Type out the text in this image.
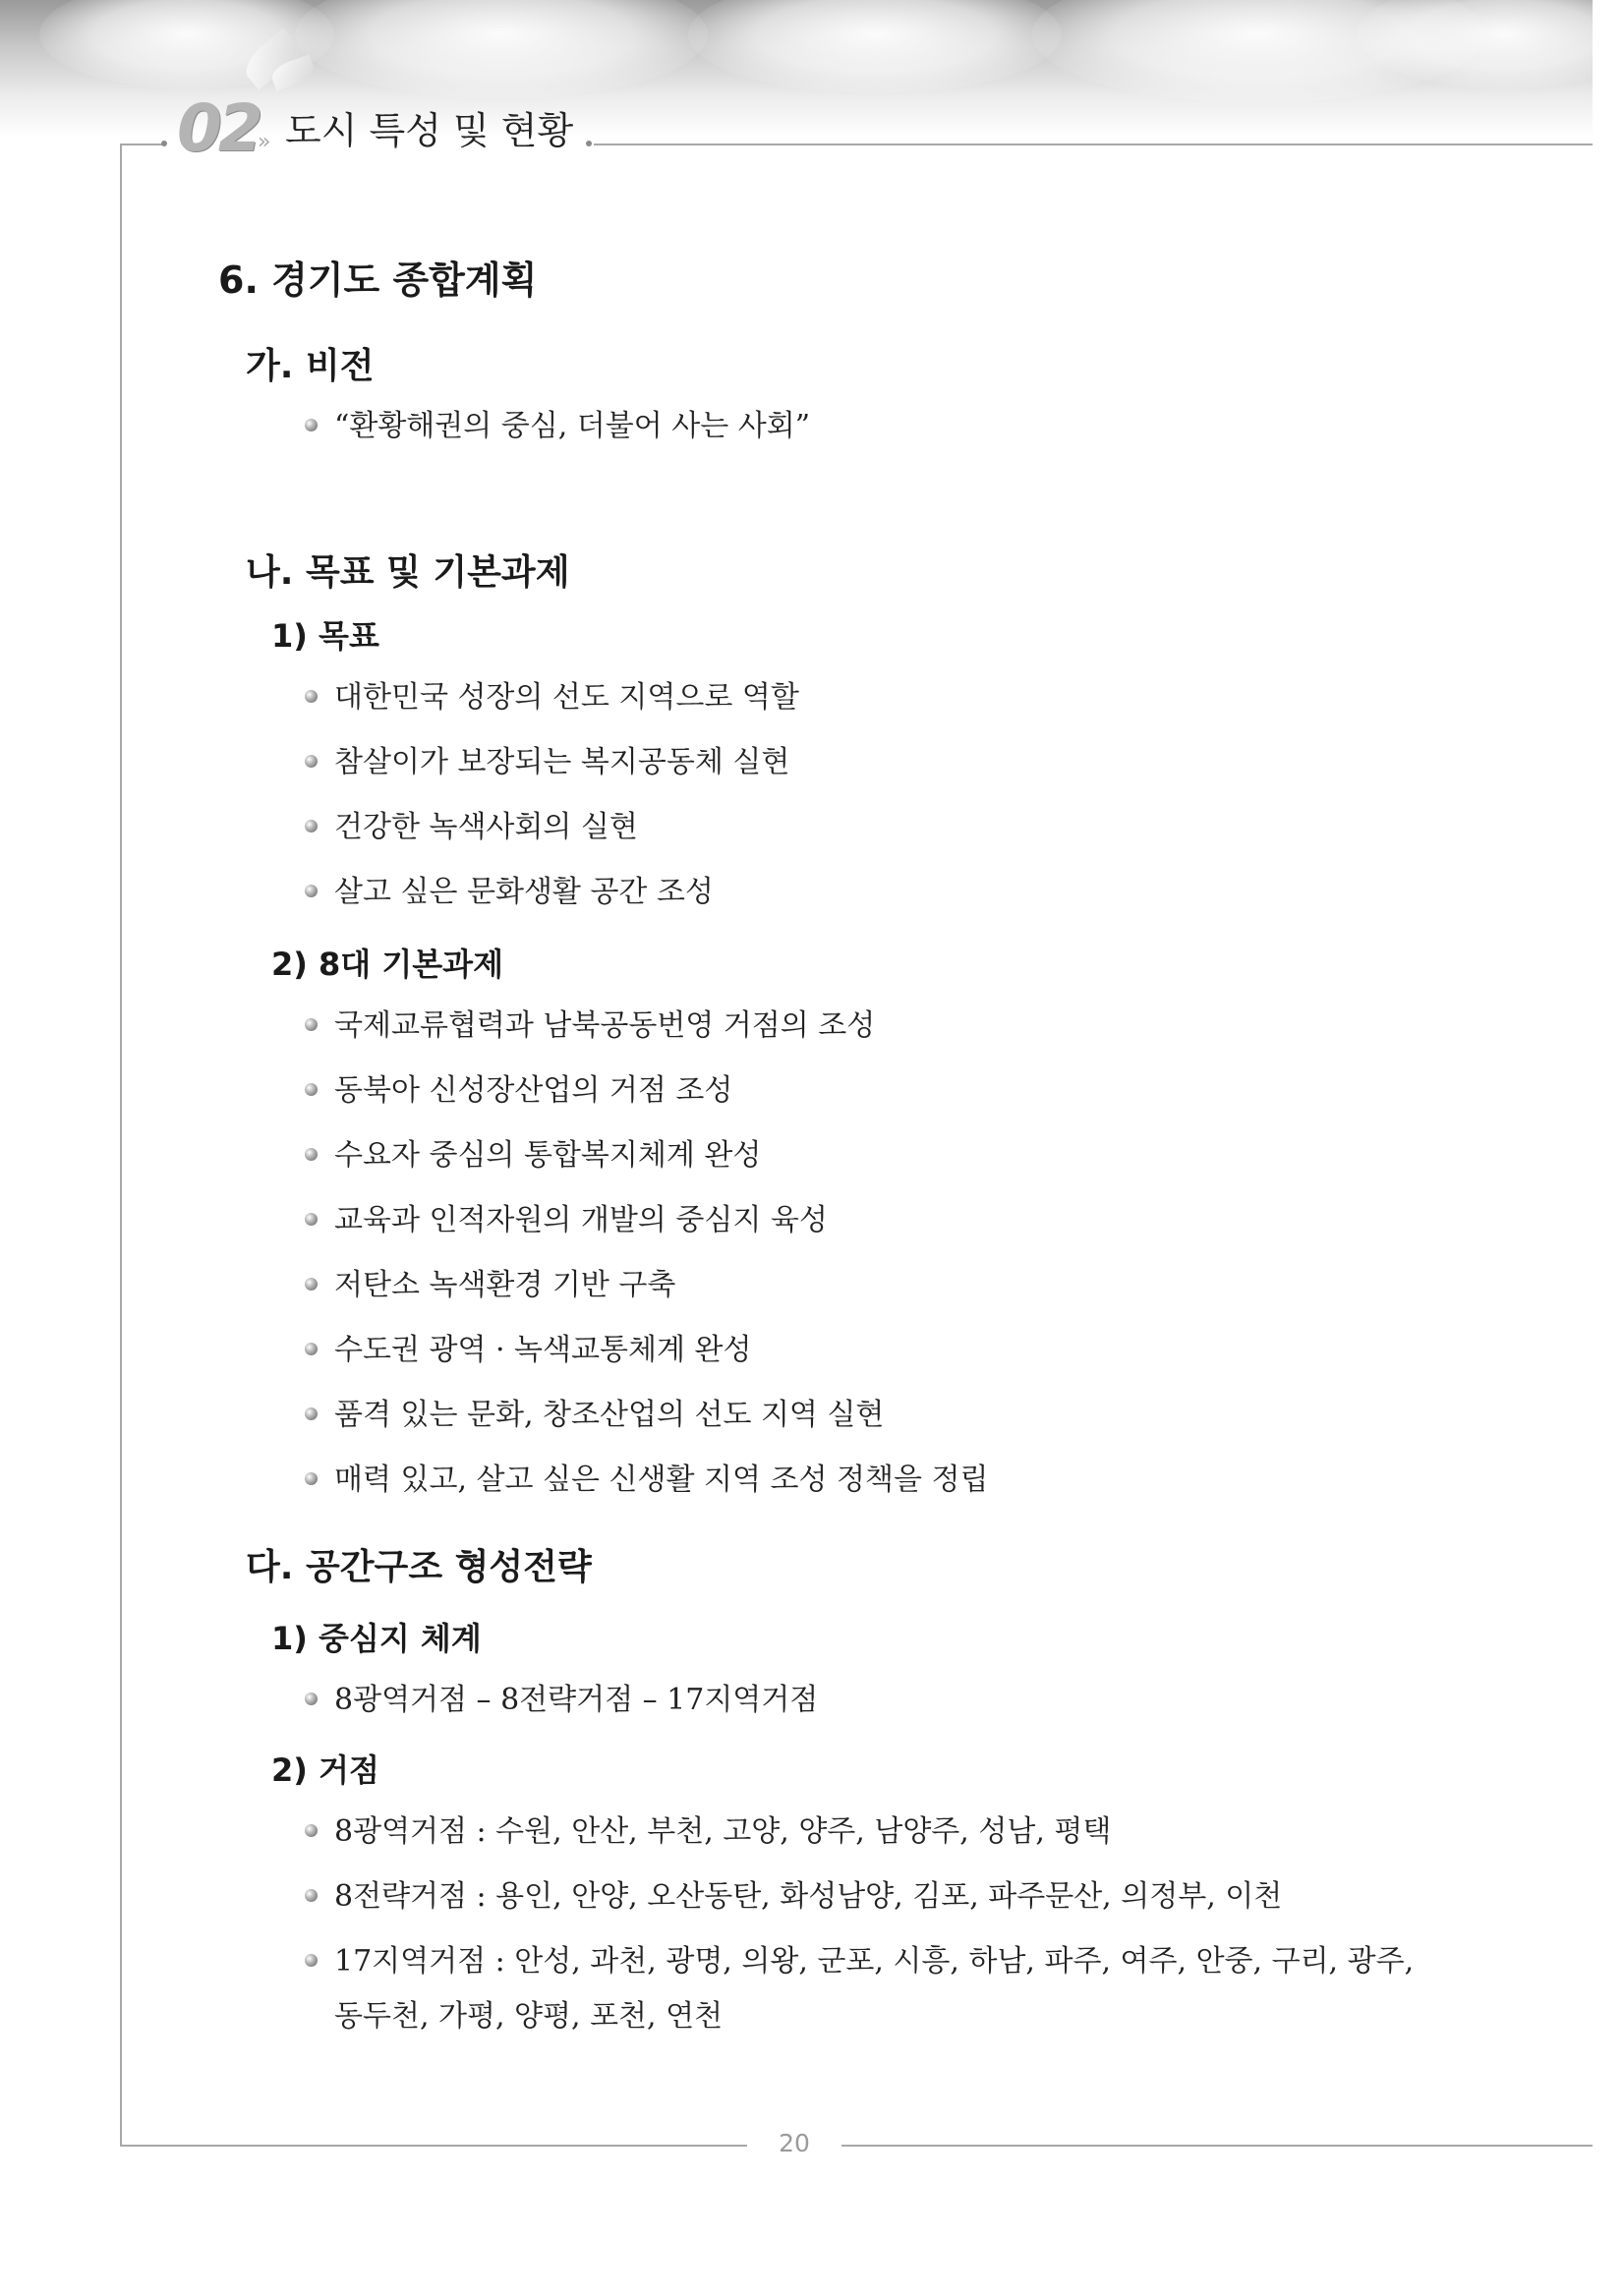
02
» 도시 특성 및 현황
20
6. 경기도 종합계획
가. 비전
“환황해권의 중심, 더불어 사는 사회”
나. 목표 및 기본과제
1) 목표
대한민국 성장의 선도 지역으로 역할
참살이가 보장되는 복지공동체 실현
건강한 녹색사회의 실현
살고 싶은 문화생활 공간 조성
2) 8대 기본과제
국제교류협력과 남북공동번영 거점의 조성
동북아 신성장산업의 거점 조성
수요자 중심의 통합복지체계 완성
교육과 인적자원의 개발의 중심지 육성
저탄소 녹색환경 기반 구축
수도권 광역 · 녹색교통체계 완성
품격 있는 문화, 창조산업의 선도 지역 실현
매력 있고, 살고 싶은 신생활 지역 조성 정책을 정립
다. 공간구조 형성전략
1) 중심지 체계
8광역거점 – 8전략거점 – 17지역거점
2) 거점
8광역거점 : 수원, 안산, 부천, 고양, 양주, 남양주, 성남, 평택
8전략거점 : 용인, 안양, 오산동탄, 화성남양, 김포, 파주문산, 의정부, 이천
17지역거점 : 안성, 과천, 광명, 의왕, 군포, 시흥, 하남, 파주, 여주, 안중, 구리, 광주, 동두천, 가평, 양평, 포천, 연천
